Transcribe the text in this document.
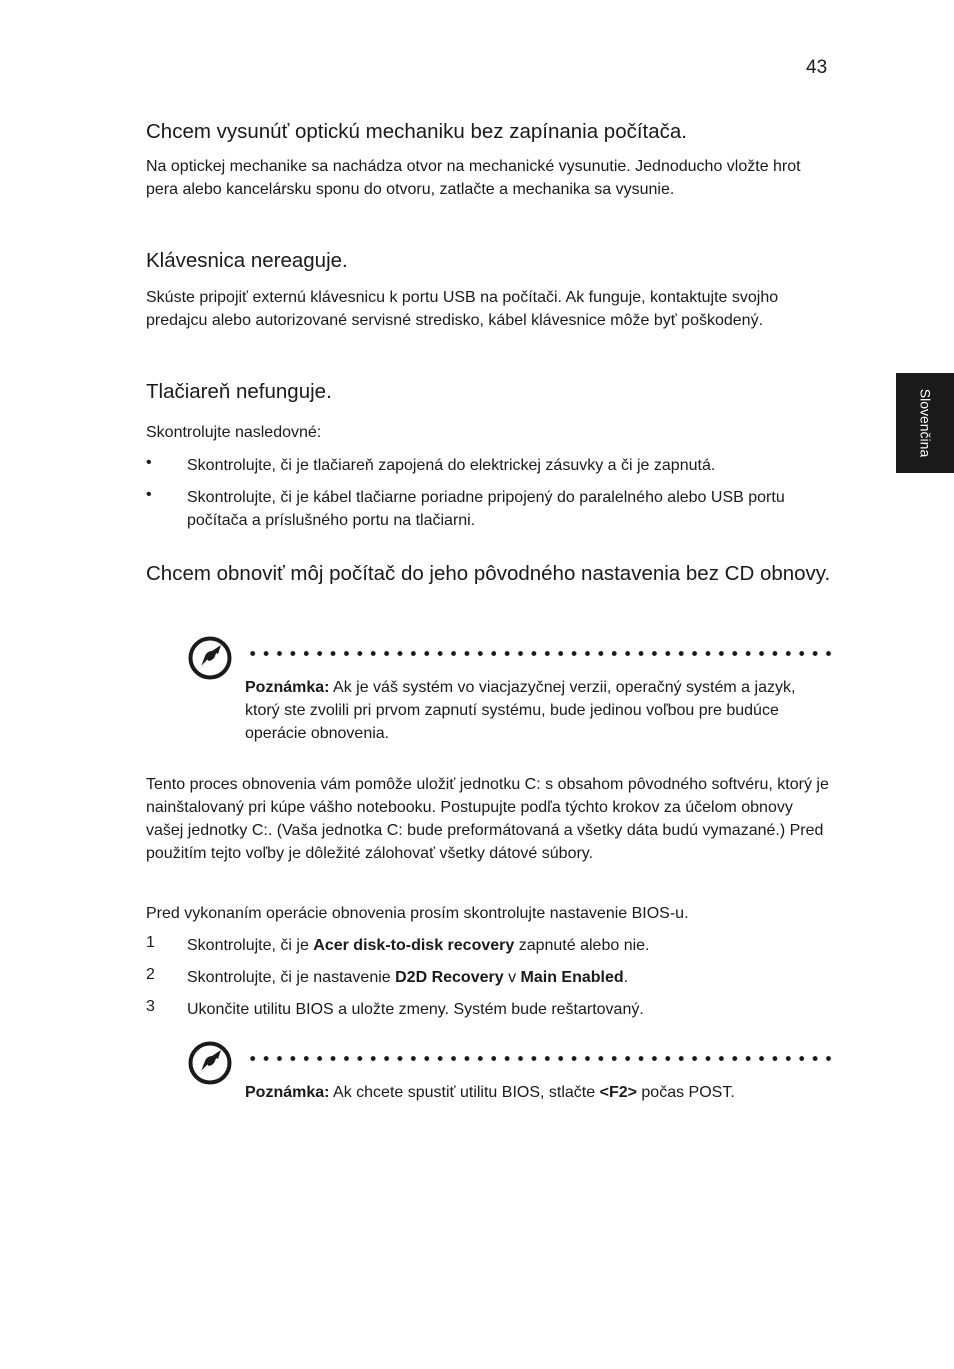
43
Slovenčina
Chcem vysunúť optickú mechaniku bez zapínania počítača.

Na optickej mechanike sa nachádza otvor na mechanické vysunutie. Jednoducho vložte hrot pera alebo kancelársku sponu do otvoru, zatlačte a mechanika sa vysunie.

Klávesnica nereaguje.

Skúste pripojiť externú klávesnicu k portu USB na počítači. Ak funguje, kontaktujte svojho predajcu alebo autorizované servisné stredisko, kábel klávesnice môže byť poškodený.

Tlačiareň nefunguje.

Skontrolujte nasledovné:

• Skontrolujte, či je tlačiareň zapojená do elektrickej zásuvky a či je zapnutá.

• Skontrolujte, či je kábel tlačiarne poriadne pripojený do paralelného alebo USB portu počítača a príslušného portu na tlačiarni.

Chcem obnoviť môj počítač do jeho pôvodného nastavenia bez CD obnovy.

Poznámka: Ak je váš systém vo viacjazyčnej verzii, operačný systém a jazyk, ktorý ste zvolili pri prvom zapnutí systému, bude jedinou voľbou pre budúce operácie obnovenia.

Tento proces obnovenia vám pomôže uložiť jednotku C: s obsahom pôvodného softvéru, ktorý je nainštalovaný pri kúpe vášho notebooku. Postupujte podľa týchto krokov za účelom obnovy vašej jednotky C:. (Vaša jednotka C: bude preformátovaná a všetky dáta budú vymazané.) Pred použitím tejto voľby je dôležité zálohovať všetky dátové súbory.

Pred vykonaním operácie obnovenia prosím skontrolujte nastavenie BIOS-u.

1 Skontrolujte, či je Acer disk-to-disk recovery zapnuté alebo nie.

2 Skontrolujte, či je nastavenie D2D Recovery v Main Enabled.

3 Ukončite utilitu BIOS a uložte zmeny. Systém bude reštartovaný.

Poznámka: Ak chcete spustiť utilitu BIOS, stlačte <F2> počas POST.
